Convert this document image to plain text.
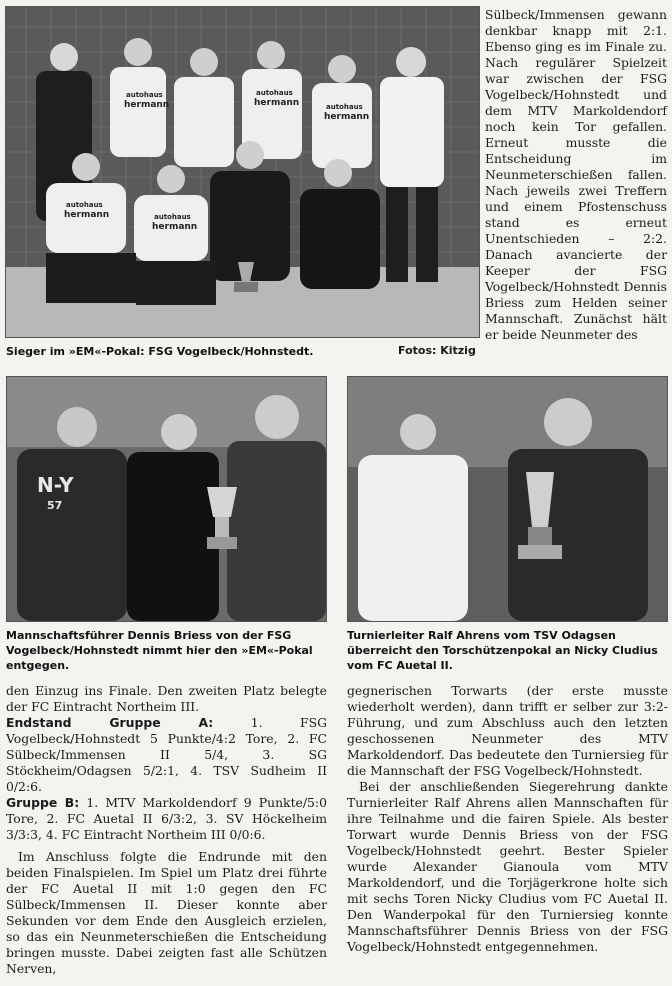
autohaus
hermann
autohaus
hermann	autohaus
hermann
autohaus
hermann	autohaus
hermann
Sieger im »EM«-Pokal: FSG Vogelbeck/Hohnstedt.	Fotos: Kitzig

Sülbeck/Immensen gewann denkbar knapp mit 2:1. Ebenso ging es im Finale zu. Nach regulärer Spielzeit war zwischen der FSG Vogelbeck/Hohnstedt und dem MTV Markoldendorf noch kein Tor gefallen. Erneut musste die Entscheidung im Neunmeterschießen fallen. Nach jeweils zwei Treffern und einem Pfostenschuss stand es erneut Unentschieden – 2:2. Danach avancierte der Keeper der FSG Vogelbeck/Hohnstedt Dennis Briess zum Helden seiner Mannschaft. Zunächst hält er beide Neunmeter des

N-Y
57
Mannschaftsführer Dennis Briess von der FSG Vogelbeck/Hohnstedt nimmt hier den »EM«-Pokal entgegen.
Turnierleiter Ralf Ahrens vom TSV Odagsen überreicht den Torschützenpokal an Nicky Cludius vom FC Auetal II.

den Einzug ins Finale. Den zweiten Platz belegte der FC Eintracht Northeim III.

Endstand Gruppe A: 1. FSG Vogelbeck/Hohnstedt 5 Punkte/4:2 Tore, 2. FC Sülbeck/Immensen II 5/4, 3. SG Stöckheim/Odagsen 5/2:1, 4. TSV Sudheim II 0/2:6.

Gruppe B: 1. MTV Markoldendorf 9 Punkte/5:0 Tore, 2. FC Auetal II 6/3:2, 3. SV Höckelheim 3/3:3, 4. FC Eintracht Northeim III 0/0:6.

Im Anschluss folgte die Endrunde mit den beiden Finalspielen. Im Spiel um Platz drei führte der FC Auetal II mit 1:0 gegen den FC Sülbeck/Immensen II. Dieser konnte aber Sekunden vor dem Ende den Ausgleich erzielen, so das ein Neunmeterschießen die Entscheidung bringen musste. Dabei zeigten fast alle Schützen Nerven,

gegnerischen Torwarts (der erste musste wiederholt werden), dann trifft er selber zur 3:2-Führung, und zum Abschluss auch den letzten geschossenen Neunmeter des MTV Markoldendorf. Das bedeutete den Turniersieg für die Mannschaft der FSG Vogelbeck/Hohnstedt.

Bei der anschließenden Siegerehrung dankte Turnierleiter Ralf Ahrens allen Mannschaften für ihre Teilnahme und die fairen Spiele. Als bester Torwart wurde Dennis Briess von der FSG Vogelbeck/Hohnstedt geehrt. Bester Spieler wurde Alexander Gianoula vom MTV Markoldendorf, und die Torjägerkrone holte sich mit sechs Toren Nicky Cludius vom FC Auetal II. Den Wanderpokal für den Turniersieg konnte Mannschaftsführer Dennis Briess von der FSG Vogelbeck/Hohnstedt entgegennehmen.
